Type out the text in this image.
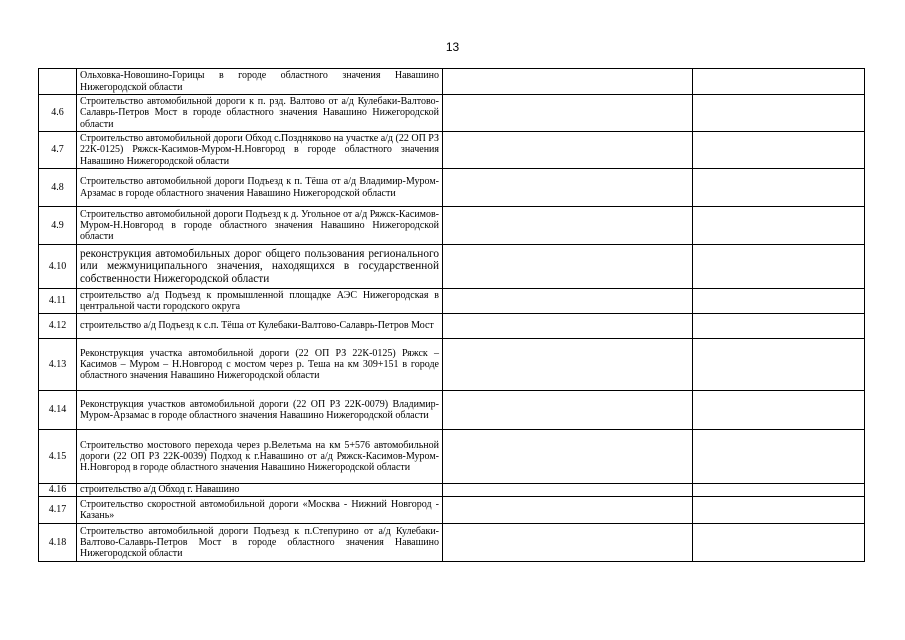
13
	Ольховка-Новошино-Горицы в городе областного значения Навашино Нижегородской области		
4.6	Строительство автомобильной дороги к п. рзд. Валтово от а/д Кулебаки-Валтово-Салаврь-Петров Мост в городе областного значения Навашино Нижегородской области		
4.7	Строительство автомобильной дороги Обход с.Поздняково на участке а/д (22 ОП РЗ 22К-0125) Ряжск-Касимов-Муром-Н.Новгород в городе областного значения Навашино Нижегородской области		
4.8	Строительство автомобильной дороги Подъезд к п. Тёша от а/д Владимир-Муром-Арзамас в городе областного значения Навашино Нижегородской области		
4.9	Строительство автомобильной дороги Подъезд к д. Угольное от а/д Ряжск-Касимов-Муром-Н.Новгород в городе областного значения Навашино Нижегородской области		
4.10	реконструкция автомобильных дорог общего пользования регионального или межмуниципального значения, находящихся в государственной собственности Нижегородской области		
4.11	строительство а/д Подъезд к промышленной площадке АЭС Нижегородская в центральной части городского округа		
4.12	строительство а/д Подъезд к с.п. Тёша от Кулебаки-Валтово-Салаврь-Петров Мост		
4.13	Реконструкция участка автомобильной дороги (22 ОП РЗ 22К-0125) Ряжск – Касимов – Муром – Н.Новгород с мостом через р. Теша на км 309+151 в городе областного значения Навашино Нижегородской области		
4.14	Реконструкция участков автомобильной дороги (22 ОП РЗ 22К-0079) Владимир-Муром-Арзамас в городе областного значения Навашино Нижегородской области		
4.15	Строительство мостового перехода через р.Велетьма на км 5+576 автомобильной дороги (22 ОП РЗ 22К-0039) Подход к г.Навашино от а/д Ряжск-Касимов-Муром-Н.Новгород в городе областного значения Навашино Нижегородской области		
4.16	строительство а/д Обход г. Навашино		
4.17	Строительство скоростной автомобильной дороги «Москва - Нижний Новгород - Казань»		
4.18	Строительство автомобильной дороги Подъезд к п.Степурино от а/д Кулебаки-Валтово-Салаврь-Петров Мост в городе областного значения Навашино Нижегородской области		
